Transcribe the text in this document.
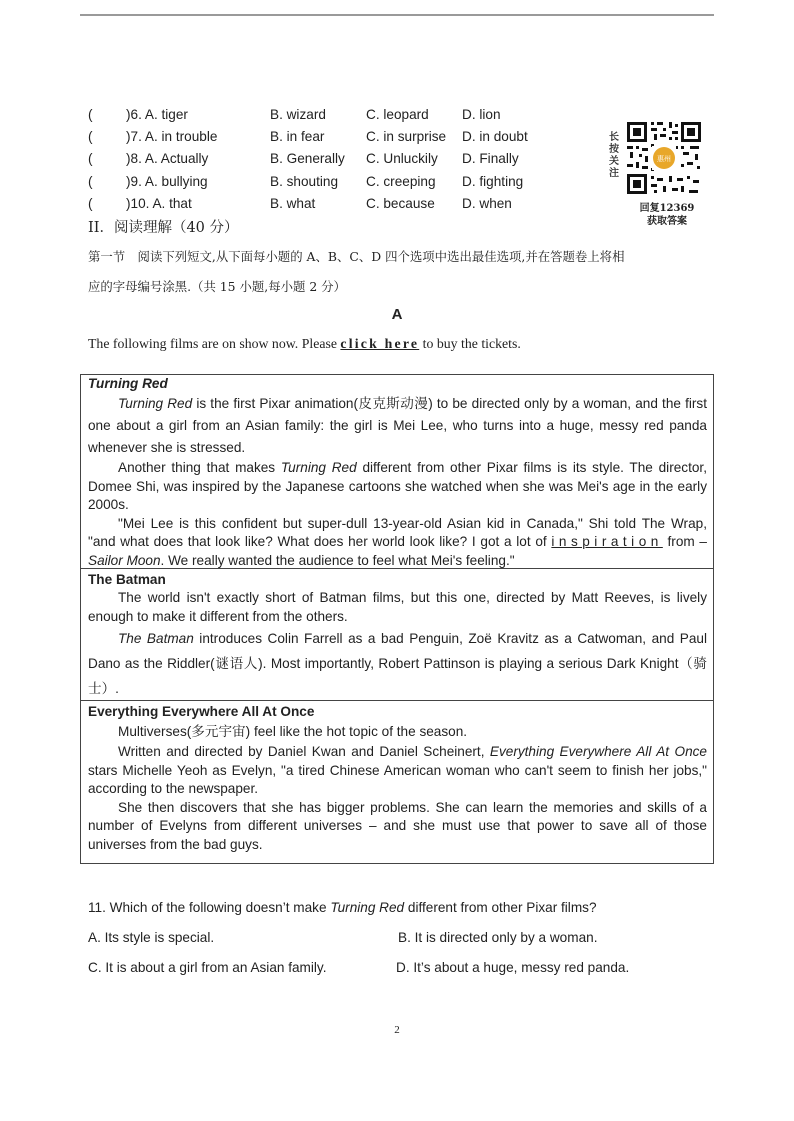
( )6. A. tiger	B. wizard	C. leopard D. lion
( )7. A. in trouble	B. in fear	C. in surprise D. in doubt
( )8. A. Actually	B. Generally C. Unluckily D. Finally
( )9. A. bullying	B. shouting C. creeping D. fighting
( )10. A. that	B. what	C. because D. when
长按关注
惠州
回复12369
获取答案
II．阅读理解（40 分）
第一节　阅读下列短文,从下面每小题的 A、B、C、D 四个选项中选出最佳选项,并在答题卷上将相
应的字母编号涂黑.（共 15 小题,每小题 2 分）
A
The following films are on show now. Please click here to buy the tickets.
Turning Red

Turning Red is the first Pixar animation(皮克斯动漫) to be directed only by a woman, and the first one about a girl from an Asian family: the girl is Mei Lee, who turns into a huge, messy red panda whenever she is stressed.

Another thing that makes Turning Red different from other Pixar films is its style. The director, Domee Shi, was inspired by the Japanese cartoons she watched when she was Mei's age in the early 2000s.

"Mei Lee is this confident but super-dull 13-year-old Asian kid in Canada," Shi told The Wrap, "and what does that look like? What does her world look like? I got a lot of inspiration from – Sailor Moon. We really wanted the audience to feel what Mei's feeling."

The Batman

The world isn't exactly short of Batman films, but this one, directed by Matt Reeves, is lively enough to make it different from the others.

The Batman introduces Colin Farrell as a bad Penguin, Zoë Kravitz as a Catwoman, and Paul Dano as the Riddler(谜语人). Most importantly, Robert Pattinson is playing a serious Dark Knight（骑士）.

Everything Everywhere All At Once

Multiverses(多元宇宙) feel like the hot topic of the season.

Written and directed by Daniel Kwan and Daniel Scheinert, Everything Everywhere All At Once stars Michelle Yeoh as Evelyn, "a tired Chinese American woman who can't seem to finish her jobs," according to the newspaper.

She then discovers that she has bigger problems. She can learn the memories and skills of a number of Evelyns from different universes – and she must use that power to save all of those universes from the bad guys.

11. Which of the following doesn’t make Turning Red different from other Pixar films?
A. Its style is special.	B. It is directed only by a woman.
C. It is about a girl from an Asian family.	D. It’s about a huge, messy red panda.
2
